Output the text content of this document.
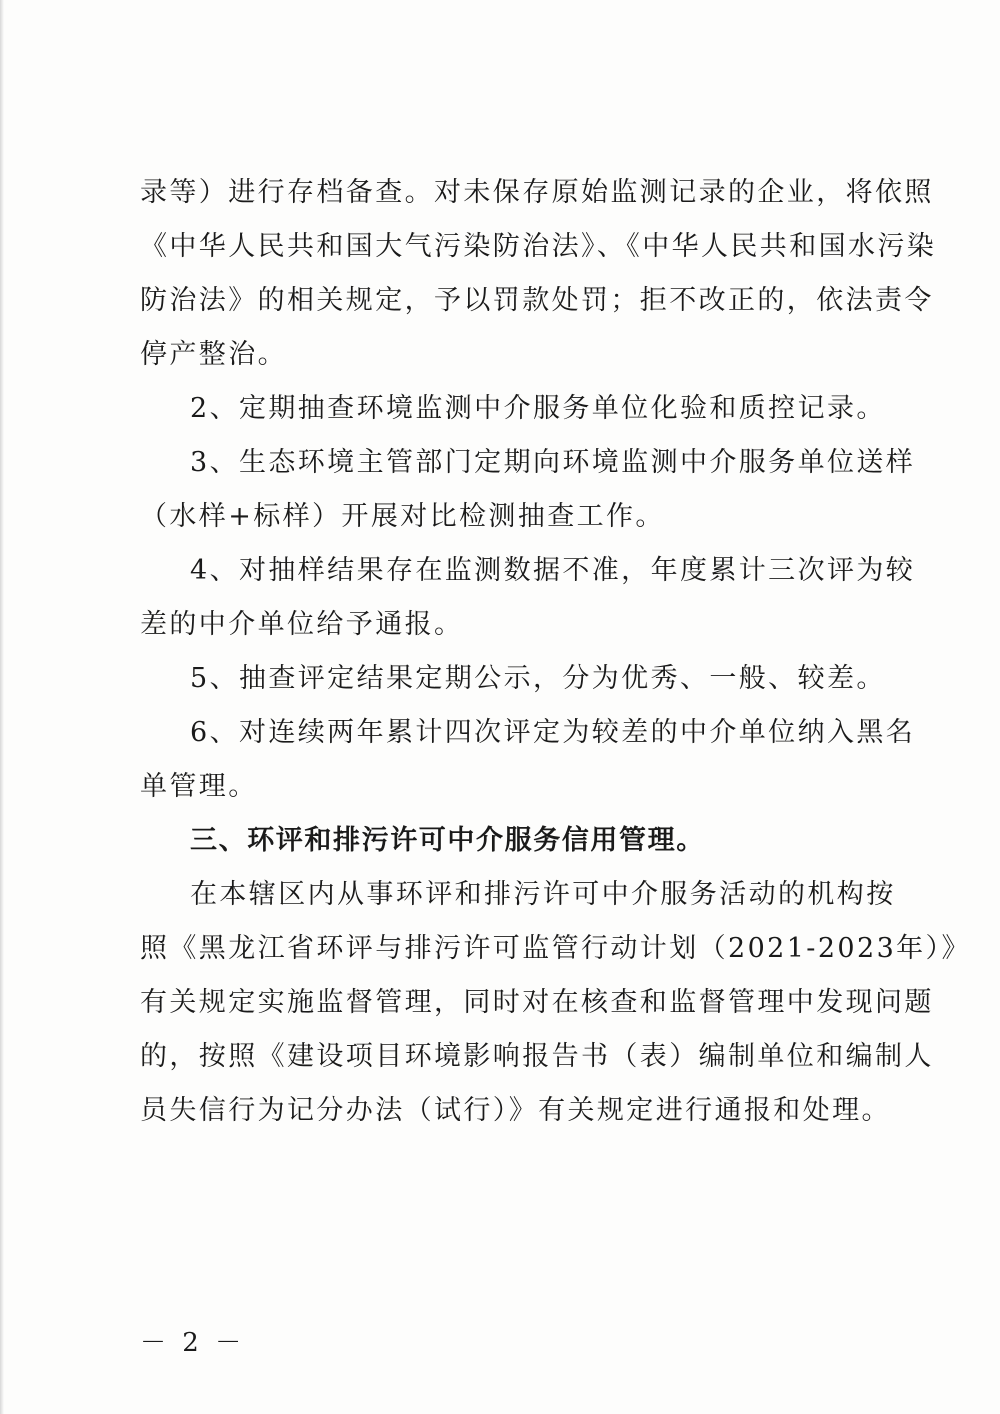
录等）进行存档备查。对未保存原始监测记录的企业，将依照
《中华人民共和国大气污染防治法》、《中华人民共和国水污染
防治法》的相关规定，予以罚款处罚；拒不改正的，依法责令
停产整治。
2、定期抽查环境监测中介服务单位化验和质控记录。
3、生态环境主管部门定期向环境监测中介服务单位送样
（水样+标样）开展对比检测抽查工作。
4、对抽样结果存在监测数据不准，年度累计三次评为较
差的中介单位给予通报。
5、抽查评定结果定期公示，分为优秀、一般、较差。
6、对连续两年累计四次评定为较差的中介单位纳入黑名
单管理。
三、环评和排污许可中介服务信用管理。
在本辖区内从事环评和排污许可中介服务活动的机构按
照《黑龙江省环评与排污许可监管行动计划（2021-2023年）》
有关规定实施监督管理，同时对在核查和监督管理中发现问题
的，按照《建设项目环境影响报告书（表）编制单位和编制人
员失信行为记分办法（试行）》有关规定进行通报和处理。
－ 2 －
